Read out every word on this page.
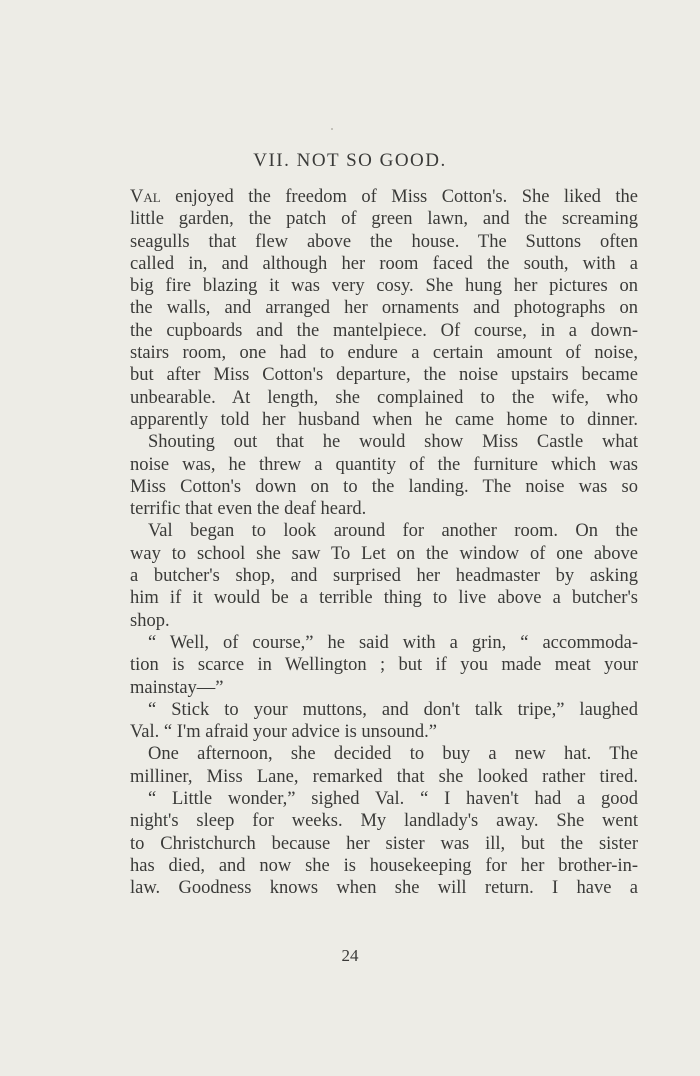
VII. NOT SO GOOD.
Val enjoyed the freedom of Miss Cotton's. She liked the
little garden, the patch of green lawn, and the screaming
seagulls that flew above the house. The Suttons often
called in, and although her room faced the south, with a
big fire blazing it was very cosy. She hung her pictures on
the walls, and arranged her ornaments and photographs on
the cupboards and the mantelpiece. Of course, in a down-
stairs room, one had to endure a certain amount of noise,
but after Miss Cotton's departure, the noise upstairs became
unbearable. At length, she complained to the wife, who
apparently told her husband when he came home to dinner.
Shouting out that he would show Miss Castle what
noise was, he threw a quantity of the furniture which was
Miss Cotton's down on to the landing. The noise was so
terrific that even the deaf heard.
Val began to look around for another room. On the
way to school she saw To Let on the window of one above
a butcher's shop, and surprised her headmaster by asking
him if it would be a terrible thing to live above a butcher's
shop.
“ Well, of course,” he said with a grin, “ accommoda-
tion is scarce in Wellington ; but if you made meat your
mainstay—”
“ Stick to your muttons, and don't talk tripe,” laughed
Val. “ I'm afraid your advice is unsound.”
One afternoon, she decided to buy a new hat. The
milliner, Miss Lane, remarked that she looked rather tired.
“ Little wonder,” sighed Val. “ I haven't had a good
night's sleep for weeks. My landlady's away. She went
to Christchurch because her sister was ill, but the sister
has died, and now she is housekeeping for her brother-in-
law. Goodness knows when she will return. I have a
24
